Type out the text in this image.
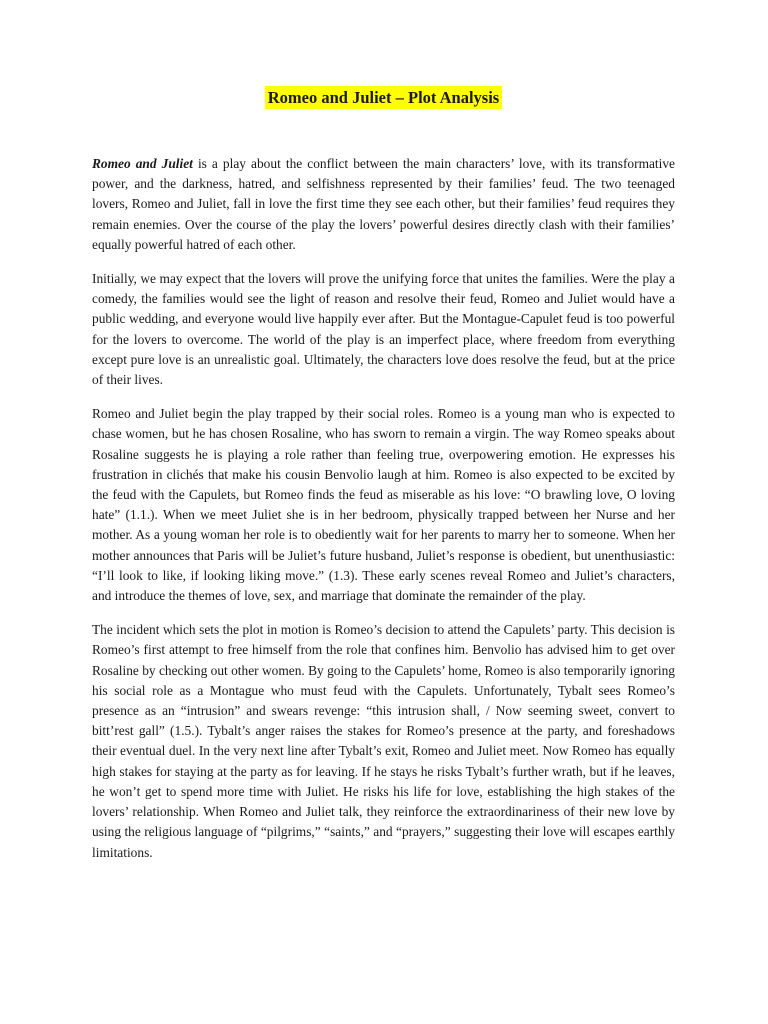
Romeo and Juliet – Plot Analysis

Romeo and Juliet is a play about the conflict between the main characters’ love, with its transformative power, and the darkness, hatred, and selfishness represented by their families’ feud. The two teenaged lovers, Romeo and Juliet, fall in love the first time they see each other, but their families’ feud requires they remain enemies. Over the course of the play the lovers’ powerful desires directly clash with their families’ equally powerful hatred of each other.

Initially, we may expect that the lovers will prove the unifying force that unites the families. Were the play a comedy, the families would see the light of reason and resolve their feud, Romeo and Juliet would have a public wedding, and everyone would live happily ever after. But the Montague-Capulet feud is too powerful for the lovers to overcome. The world of the play is an imperfect place, where freedom from everything except pure love is an unrealistic goal. Ultimately, the characters love does resolve the feud, but at the price of their lives.

Romeo and Juliet begin the play trapped by their social roles. Romeo is a young man who is expected to chase women, but he has chosen Rosaline, who has sworn to remain a virgin. The way Romeo speaks about Rosaline suggests he is playing a role rather than feeling true, overpowering emotion. He expresses his frustration in clichés that make his cousin Benvolio laugh at him. Romeo is also expected to be excited by the feud with the Capulets, but Romeo finds the feud as miserable as his love: “O brawling love, O loving hate” (1.1.). When we meet Juliet she is in her bedroom, physically trapped between her Nurse and her mother. As a young woman her role is to obediently wait for her parents to marry her to someone. When her mother announces that Paris will be Juliet’s future husband, Juliet’s response is obedient, but unenthusiastic: “I’ll look to like, if looking liking move.” (1.3). These early scenes reveal Romeo and Juliet’s characters, and introduce the themes of love, sex, and marriage that dominate the remainder of the play.

The incident which sets the plot in motion is Romeo’s decision to attend the Capulets’ party. This decision is Romeo’s first attempt to free himself from the role that confines him. Benvolio has advised him to get over Rosaline by checking out other women. By going to the Capulets’ home, Romeo is also temporarily ignoring his social role as a Montague who must feud with the Capulets. Unfortunately, Tybalt sees Romeo’s presence as an “intrusion” and swears revenge: “this intrusion shall, / Now seeming sweet, convert to bitt’rest gall” (1.5.). Tybalt’s anger raises the stakes for Romeo’s presence at the party, and foreshadows their eventual duel. In the very next line after Tybalt’s exit, Romeo and Juliet meet. Now Romeo has equally high stakes for staying at the party as for leaving. If he stays he risks Tybalt’s further wrath, but if he leaves, he won’t get to spend more time with Juliet. He risks his life for love, establishing the high stakes of the lovers’ relationship. When Romeo and Juliet talk, they reinforce the extraordinariness of their new love by using the religious language of “pilgrims,” “saints,” and “prayers,” suggesting their love will escapes earthly limitations.
